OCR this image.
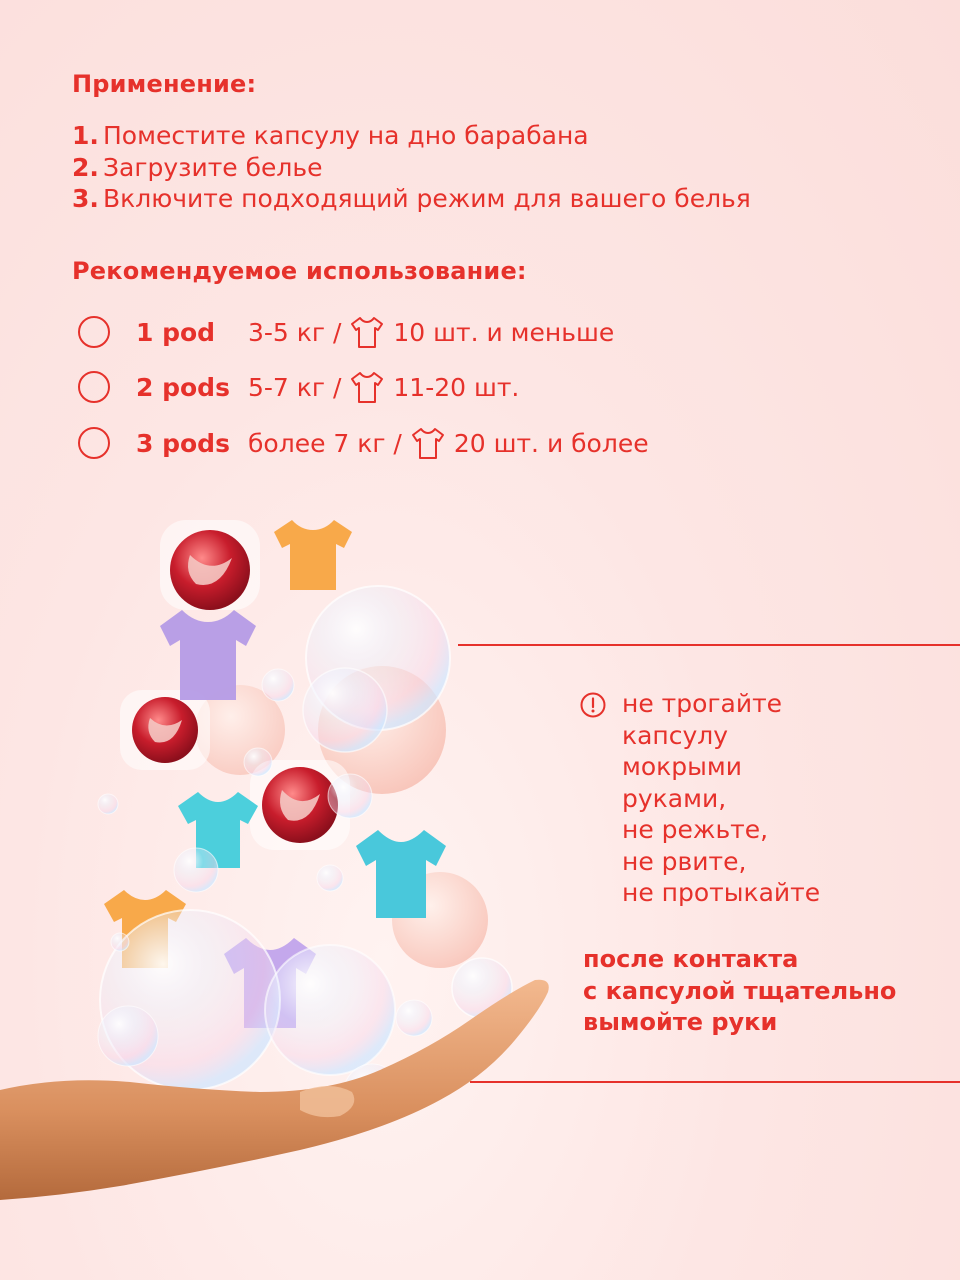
Применение:
1. Поместите капсулу на дно барабана
2. Загрузите белье
3. Включите подходящий режим для вашего белья
Рекомендуемое использование:
1 pod	3-5 кг / 10 шт. и меньше
2 pods 5-7 кг / 11-20 шт.
3 pods более 7 кг / 20 шт. и более
не трогайте
капсулу
мокрыми
руками,
не режьте,
не рвите,
не протыкайте
после контакта
с капсулой тщательно
вымойте руки
